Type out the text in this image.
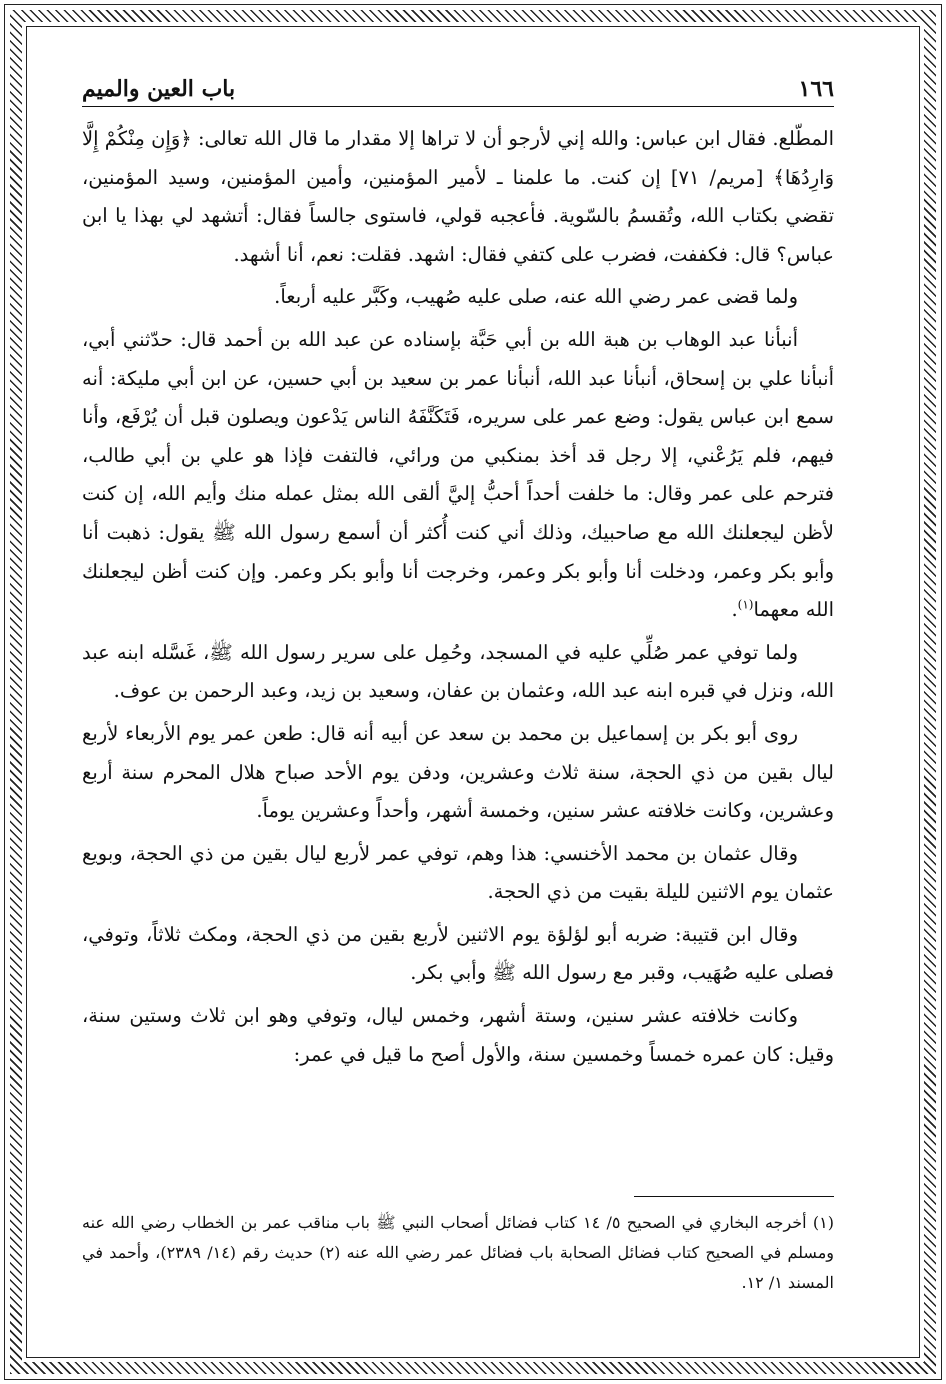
١٦٦
باب العين والميم

المطّلع. فقال ابن عباس: والله إني لأرجو أن لا تراها إلا مقدار ما قال الله تعالى: ﴿وَإِن مِنْكُمْ إِلَّا وَارِدُهَا﴾ [مريم/ ٧١] إن كنت. ما علمنا ـ لأمير المؤمنين، وأمين المؤمنين، وسيد المؤمنين، تقضي بكتاب الله، وتُقسمُ بالسّوية. فأعجبه قولي، فاستوى جالساً فقال: أتشهد لي بهذا يا ابن عباس؟ قال: فكففت، فضرب على كتفي فقال: اشهد. فقلت: نعم، أنا أشهد.

ولما قضى عمر رضي الله عنه، صلى عليه صُهيب، وكَبَّر عليه أربعاً.

أنبأنا عبد الوهاب بن هبة الله بن أبي حَبَّة بإسناده عن عبد الله بن أحمد قال: حدّثني أبي، أنبأنا علي بن إسحاق، أنبأنا عبد الله، أنبأنا عمر بن سعيد بن أبي حسين، عن ابن أبي مليكة: أنه سمع ابن عباس يقول: وضع عمر على سريره، فَتَكَنَّفَهُ الناس يَدْعون ويصلون قبل أن يُرْفَع، وأنا فيهم، فلم يَرُعْني، إلا رجل قد أخذ بمنكبي من ورائي، فالتفت فإذا هو علي بن أبي طالب، فترحم على عمر وقال: ما خلفت أحداً أحبُّ إليَّ ألقى الله بمثل عمله منك وأيم الله، إن كنت لأظن ليجعلنك الله مع صاحبيك، وذلك أني كنت أُكثر أن أسمع رسول الله ﷺ يقول: ذهبت أنا وأبو بكر وعمر، ودخلت أنا وأبو بكر وعمر، وخرجت أنا وأبو بكر وعمر. وإن كنت أظن ليجعلنك الله معهما$^{(١)}$.

ولما توفي عمر صُلِّي عليه في المسجد، وحُمِل على سرير رسول الله ﷺ، غَسَّله ابنه عبد الله، ونزل في قبره ابنه عبد الله، وعثمان بن عفان، وسعيد بن زيد، وعبد الرحمن بن عوف.

روى أبو بكر بن إسماعيل بن محمد بن سعد عن أبيه أنه قال: طعن عمر يوم الأربعاء لأربع ليال بقين من ذي الحجة، سنة ثلاث وعشرين، ودفن يوم الأحد صباح هلال المحرم سنة أربع وعشرين، وكانت خلافته عشر سنين، وخمسة أشهر، وأحداً وعشرين يوماً.

وقال عثمان بن محمد الأخنسي: هذا وهم، توفي عمر لأربع ليال بقين من ذي الحجة، وبويع عثمان يوم الاثنين لليلة بقيت من ذي الحجة.

وقال ابن قتيبة: ضربه أبو لؤلؤة يوم الاثنين لأربع بقين من ذي الحجة، ومكث ثلاثاً، وتوفي، فصلى عليه صُهَيب، وقبر مع رسول الله ﷺ وأبي بكر.

وكانت خلافته عشر سنين، وستة أشهر، وخمس ليال، وتوفي وهو ابن ثلاث وستين سنة، وقيل: كان عمره خمساً وخمسين سنة، والأول أصح ما قيل في عمر:

(١) أخرجه البخاري في الصحيح ٥/ ١٤ كتاب فضائل أصحاب النبي ﷺ باب مناقب عمر بن الخطاب رضي الله عنه ومسلم في الصحيح كتاب فضائل الصحابة باب فضائل عمر رضي الله عنه (٢) حديث رقم (١٤/ ٢٣٨٩)، وأحمد في المسند ١/ ١٢.
